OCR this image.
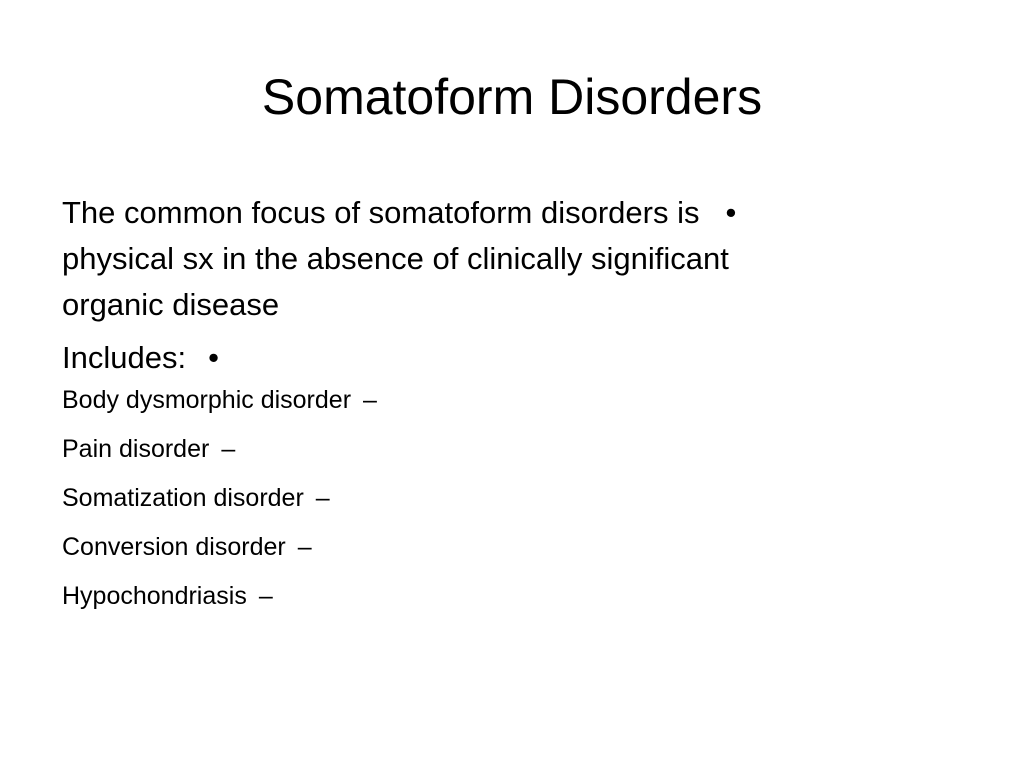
Somatoform Disorders

The common focus of somatoform disorders is •
physical sx in the absence of clinically significant
organic disease

Includes: •

Body dysmorphic disorder –

Pain disorder –

Somatization disorder –

Conversion disorder –

Hypochondriasis –
